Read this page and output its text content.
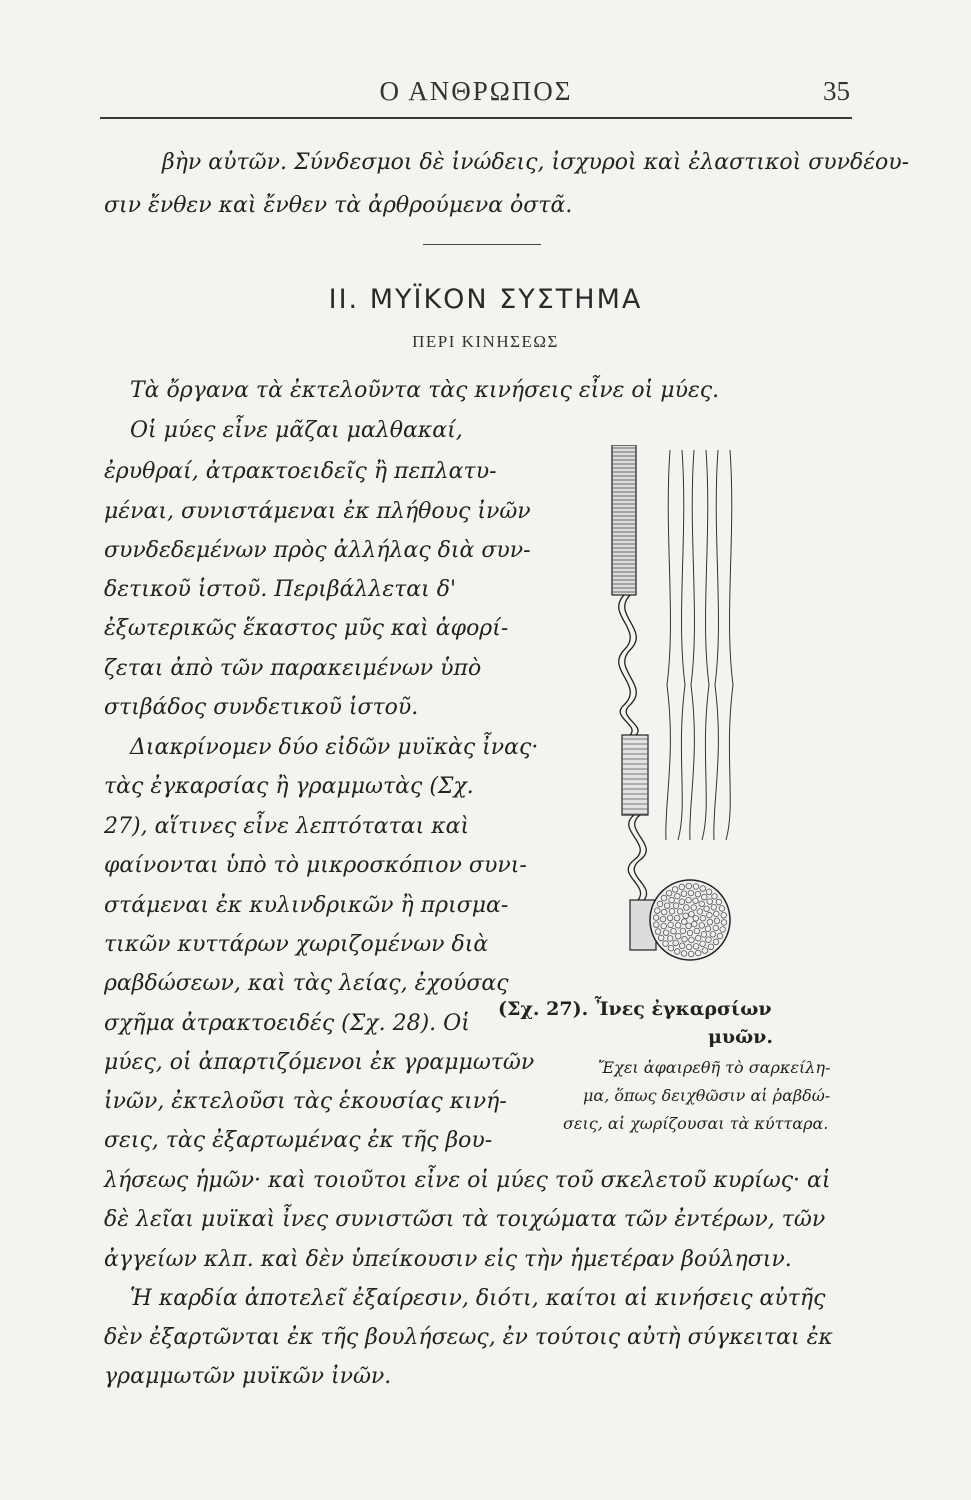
Ο ΑΝΘΡΩΠΟΣ	35
βὴν αὐτῶν. Σύνδεσμοι δὲ ἰνώδεις, ἰσχυροὶ καὶ ἐλαστικοὶ συνδέου-
σιν ἔνθεν καὶ ἔνθεν τὰ ἀρθρούμενα ὀστᾶ.
II. ΜΥΪΚΟΝ ΣΥΣΤΗΜΑ
ΠΕΡΙ ΚΙΝΗΣΕΩΣ
Τὰ ὄργανα τὰ ἐκτελοῦντα τὰς κινήσεις εἶνε οἱ μύες.
Οἱ μύες εἶνε μᾶζαι μαλθακαί,
ἐρυθραί, ἀτρακτοειδεῖς ἢ πεπλατυ-
μέναι, συνιστάμεναι ἐκ πλήθους ἰνῶν
συνδεδεμένων πρὸς ἀλλήλας διὰ συν-
δετικοῦ ἱστοῦ. Περιβάλλεται δ'
ἐξωτερικῶς ἕκαστος μῦς καὶ ἀφορί-
ζεται ἀπὸ τῶν παρακειμένων ὑπὸ
στιβάδος συνδετικοῦ ἱστοῦ.
Διακρίνομεν δύο εἰδῶν μυϊκὰς ἶνας·
τὰς ἐγκαρσίας ἢ γραμμωτὰς (Σχ.
27), αἵτινες εἶνε λεπτόταται καὶ
φαίνονται ὑπὸ τὸ μικροσκόπιον συνι-
στάμεναι ἐκ κυλινδρικῶν ἢ πρισμα-
τικῶν κυττάρων χωριζομένων διὰ
ραβδώσεων, καὶ τὰς λείας, ἐχούσας
σχῆμα ἀτρακτοειδές (Σχ. 28). Οἱ
μύες, οἱ ἀπαρτιζόμενοι ἐκ γραμμωτῶν
ἰνῶν, ἐκτελοῦσι τὰς ἑκουσίας κινή-
σεις, τὰς ἐξαρτωμένας ἐκ τῆς βου-
λήσεως ἡμῶν· καὶ τοιοῦτοι εἶνε οἱ μύες τοῦ σκελετοῦ κυρίως· αἱ
δὲ λεῖαι μυϊκαὶ ἶνες συνιστῶσι τὰ τοιχώματα τῶν ἐντέρων, τῶν
ἀγγείων κλπ. καὶ δὲν ὑπείκουσιν εἰς τὴν ἡμετέραν βούλησιν.
Ἡ καρδία ἀποτελεῖ ἐξαίρεσιν, διότι, καίτοι αἱ κινήσεις αὐτῆς
δὲν ἐξαρτῶνται ἐκ τῆς βουλήσεως, ἐν τούτοις αὐτὴ σύγκειται ἐκ
γραμμωτῶν μυϊκῶν ἰνῶν.
(Σχ. 27). Ἶνες ἐγκαρσίων
μυῶν.
Ἔχει ἀφαιρεθῆ τὸ σαρκείλη-
μα, ὅπως δειχθῶσιν αἱ ῥαβδώ-
σεις, αἱ χωρίζουσαι τὰ κύτταρα.
